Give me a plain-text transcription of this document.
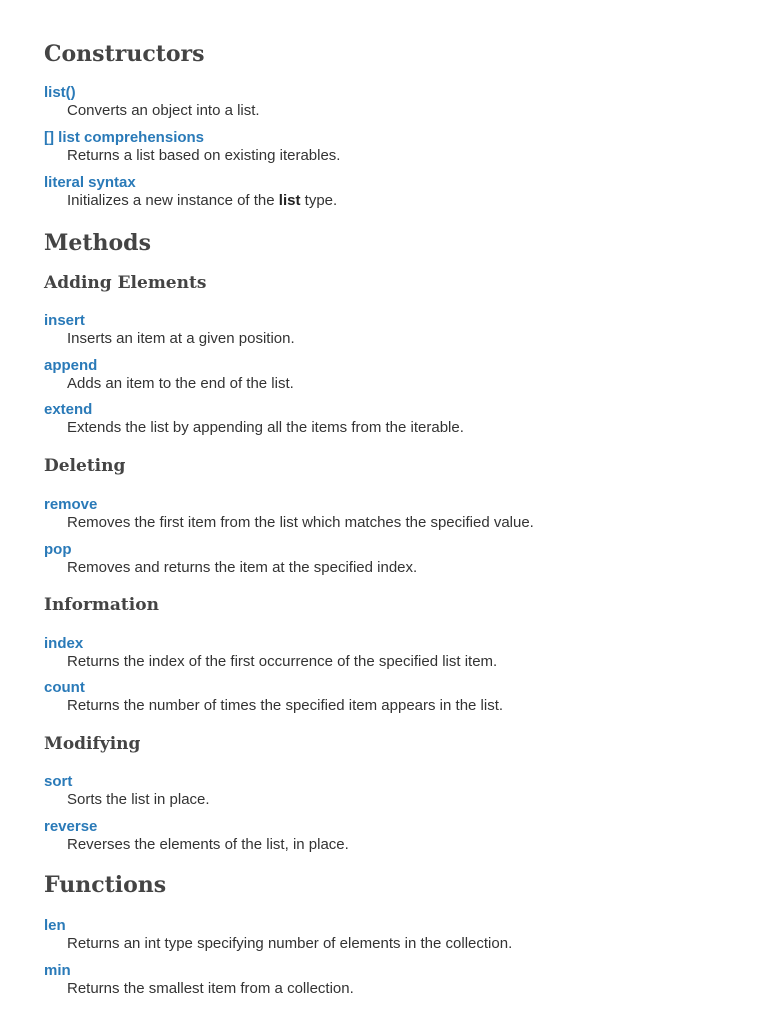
Constructors
list()
Converts an object into a list.
[] list comprehensions
Returns a list based on existing iterables.
literal syntax
Initializes a new instance of the list type.
Methods
Adding Elements
insert
Inserts an item at a given position.
append
Adds an item to the end of the list.
extend
Extends the list by appending all the items from the iterable.
Deleting
remove
Removes the first item from the list which matches the specified value.
pop
Removes and returns the item at the specified index.
Information
index
Returns the index of the first occurrence of the specified list item.
count
Returns the number of times the specified item appears in the list.
Modifying
sort
Sorts the list in place.
reverse
Reverses the elements of the list, in place.
Functions
len
Returns an int type specifying number of elements in the collection.
min
Returns the smallest item from a collection.
